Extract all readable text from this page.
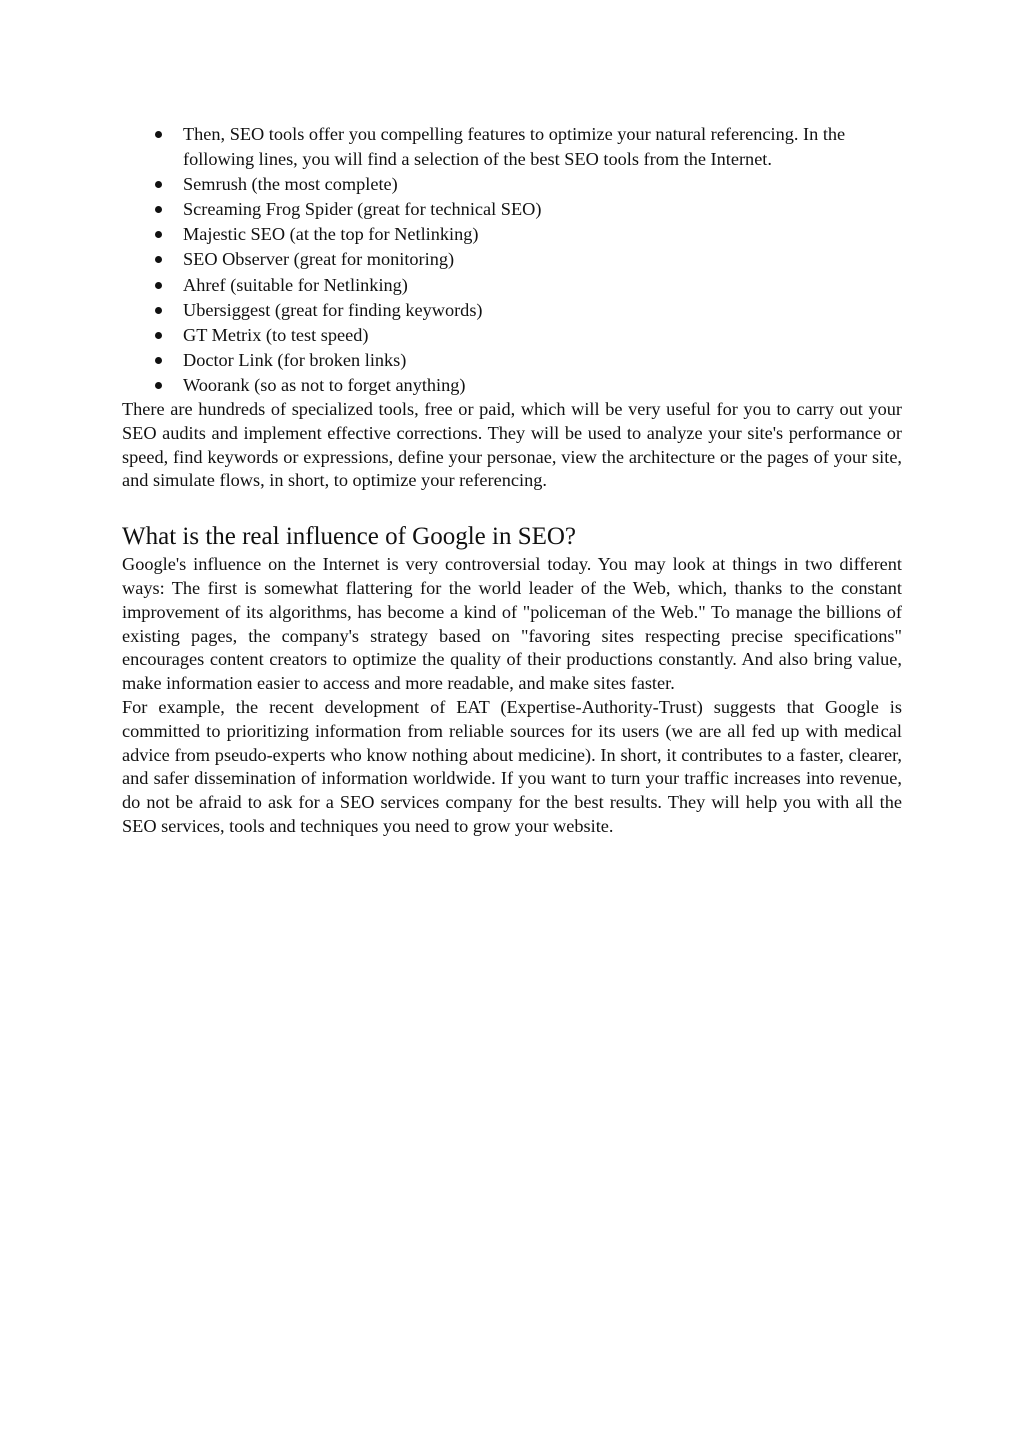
Then, SEO tools offer you compelling features to optimize your natural referencing. In the following lines, you will find a selection of the best SEO tools from the Internet.
Semrush (the most complete)
Screaming Frog Spider (great for technical SEO)
Majestic SEO (at the top for Netlinking)
SEO Observer (great for monitoring)
Ahref (suitable for Netlinking)
Ubersiggest (great for finding keywords)
GT Metrix (to test speed)
Doctor Link (for broken links)
Woorank (so as not to forget anything)

There are hundreds of specialized tools, free or paid, which will be very useful for you to carry out your SEO audits and implement effective corrections. They will be used to analyze your site's performance or speed, find keywords or expressions, define your personae, view the architecture or the pages of your site, and simulate flows, in short, to optimize your referencing.

What is the real influence of Google in SEO?

Google's influence on the Internet is very controversial today. You may look at things in two different ways: The first is somewhat flattering for the world leader of the Web, which, thanks to the constant improvement of its algorithms, has become a kind of "policeman of the Web." To manage the billions of existing pages, the company's strategy based on "favoring sites respecting precise specifications" encourages content creators to optimize the quality of their productions constantly. And also bring value, make information easier to access and more readable, and make sites faster.

For example, the recent development of EAT (Expertise-Authority-Trust) suggests that Google is committed to prioritizing information from reliable sources for its users (we are all fed up with medical advice from pseudo-experts who know nothing about medicine). In short, it contributes to a faster, clearer, and safer dissemination of information worldwide. If you want to turn your traffic increases into revenue, do not be afraid to ask for a SEO services company for the best results. They will help you with all the SEO services, tools and techniques you need to grow your website.
